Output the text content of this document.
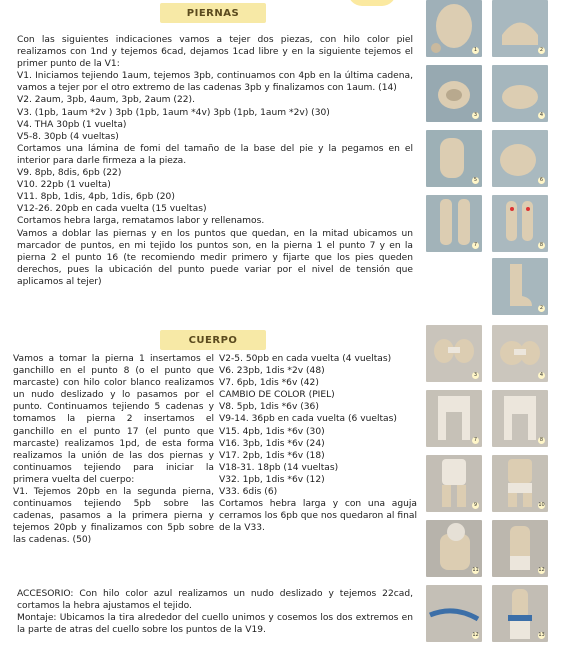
PIERNAS

Con las siguientes indicaciones vamos a tejer dos piezas, con hilo color piel realizamos con 1nd y tejemos 6cad, dejamos 1cad libre y en la siguiente tejemos el primer punto de la V1:

V1. Iniciamos tejiendo 1aum, tejemos 3pb, continuamos con 4pb en la última cadena, vamos a tejer por el otro extremo de las cadenas 3pb y finalizamos con 1aum. (14)

V2. 2aum, 3pb, 4aum, 3pb, 2aum (22).

V3. (1pb, 1aum *2v ) 3pb (1pb, 1aum *4v) 3pb (1pb, 1aum *2v) (30)

V4. THA 30pb (1 vuelta)

V5-8. 30pb (4 vueltas)

Cortamos una lámina de fomi del tamaño de la base del pie y la pegamos en el interior para darle firmeza a la pieza.

V9. 8pb, 8dis, 6pb (22)

V10. 22pb (1 vuelta)

V11. 8pb, 1dis, 4pb, 1dis, 6pb (20)

V12-26. 20pb en cada vuelta (15 vueltas)

Cortamos hebra larga, rematamos labor y rellenamos.

Vamos a doblar las piernas y en los puntos que quedan, en la mitad ubicamos un marcador de puntos, en mi tejido los puntos son, en la pierna 1 el punto 7 y en la pierna 2 el punto 16 (te recomiendo medir primero y fijarte que los pies queden derechos, pues la ubicación del punto puede variar por el nivel de tensión que aplicamos al tejer)

CUERPO

Vamos a tomar la pierna 1 insertamos el ganchillo en el punto 8 (o el punto que marcaste) con hilo color blanco realizamos un nudo deslizado y lo pasamos por el punto. Continuamos tejiendo 5 cadenas y tomamos la pierna 2 insertamos el ganchillo en el punto 17 (el punto que marcaste) realizamos 1pd, de esta forma realizamos la unión de las dos piernas y continuamos tejiendo para iniciar la primera vuelta del cuerpo:

V1. Tejemos 20pb en la segunda pierna, continuamos tejiendo 5pb sobre las cadenas, pasamos a la primera pierna y tejemos 20pb y finalizamos con 5pb sobre las cadenas. (50)

V2-5. 50pb en cada vuelta (4 vueltas)

V6. 23pb, 1dis *2v (48)

V7. 6pb, 1dis *6v (42)

CAMBIO DE COLOR (PIEL)

V8. 5pb, 1dis *6v (36)

V9-14. 36pb en cada vuelta (6 vueltas)

V15. 4pb, 1dis *6v (30)

V16. 3pb, 1dis *6v (24)

V17. 2pb, 1dis *6v (18)

V18-31. 18pb (14 vueltas)

V32. 1pb, 1dis *6v (12)

V33. 6dis (6)

Cortamos hebra larga y con una aguja cerramos los 6pb que nos quedaron al final de la V33.

ACCESORIO: Con hilo color azul realizamos un nudo deslizado y tejemos 22cad, cortamos la hebra ajustamos el tejido.

Montaje: Ubicamos la tira alrededor del cuello unimos y cosemos los dos extremos en la parte de atras del cuello sobre los puntos de la V19.

1	2
3	4
5	6
7	8
2
3	4
7	8
9	10
11	12
12	13
